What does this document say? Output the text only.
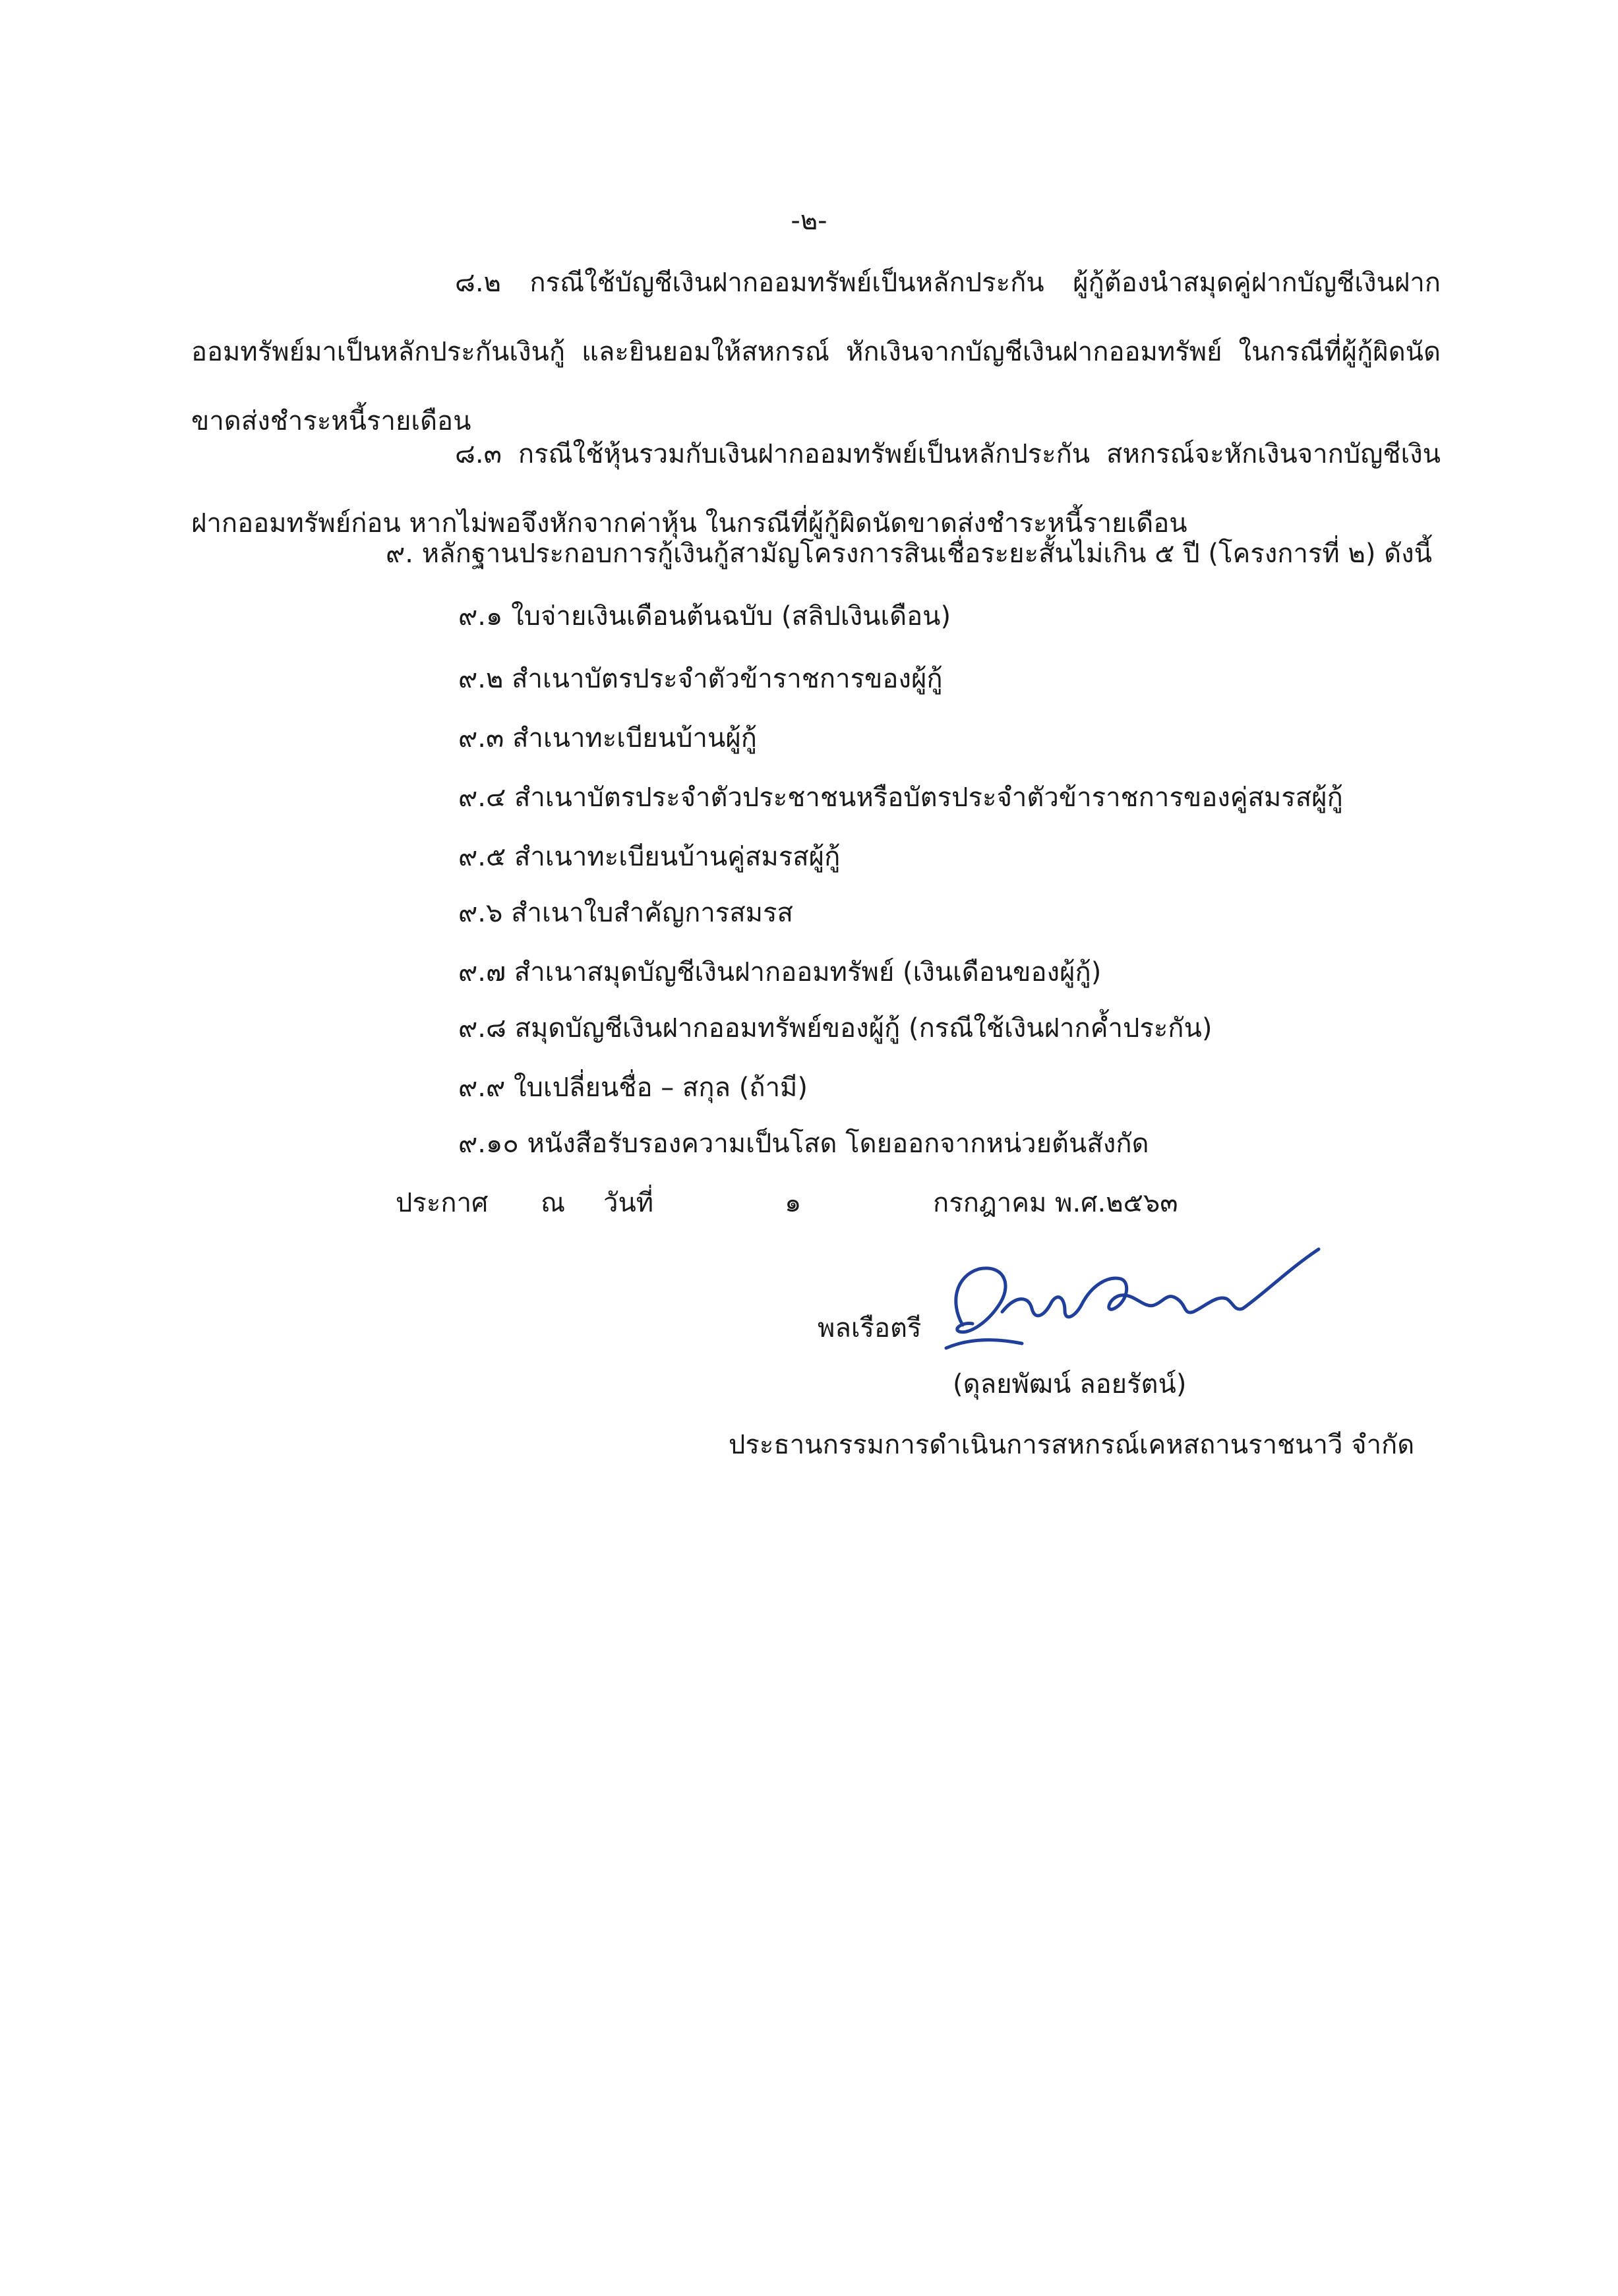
-๒-
๘.๒ กรณีใช้บัญชีเงินฝากออมทรัพย์เป็นหลักประกัน ผู้กู้ต้องนำสมุดคู่ฝากบัญชีเงินฝากออมทรัพย์มาเป็นหลักประกันเงินกู้ และยินยอมให้สหกรณ์ หักเงินจากบัญชีเงินฝากออมทรัพย์ ในกรณีที่ผู้กู้ผิดนัดขาดส่งชำระหนี้รายเดือน
๘.๓ กรณีใช้หุ้นรวมกับเงินฝากออมทรัพย์เป็นหลักประกัน สหกรณ์จะหักเงินจากบัญชีเงินฝากออมทรัพย์ก่อน หากไม่พอจึงหักจากค่าหุ้น ในกรณีที่ผู้กู้ผิดนัดขาดส่งชำระหนี้รายเดือน
๙. หลักฐานประกอบการกู้เงินกู้สามัญโครงการสินเชื่อระยะสั้นไม่เกิน ๕ ปี (โครงการที่ ๒) ดังนี้
๙.๑ ใบจ่ายเงินเดือนต้นฉบับ (สลิปเงินเดือน)
๙.๒ สำเนาบัตรประจำตัวข้าราชการของผู้กู้
๙.๓ สำเนาทะเบียนบ้านผู้กู้
๙.๔ สำเนาบัตรประจำตัวประชาชนหรือบัตรประจำตัวข้าราชการของคู่สมรสผู้กู้
๙.๕ สำเนาทะเบียนบ้านคู่สมรสผู้กู้
๙.๖ สำเนาใบสำคัญการสมรส
๙.๗ สำเนาสมุดบัญชีเงินฝากออมทรัพย์ (เงินเดือนของผู้กู้)
๙.๘ สมุดบัญชีเงินฝากออมทรัพย์ของผู้กู้ (กรณีใช้เงินฝากค้ำประกัน)
๙.๙ ใบเปลี่ยนชื่อ – สกุล (ถ้ามี)
๙.๑๐ หนังสือรับรองความเป็นโสด โดยออกจากหน่วยต้นสังกัด
ประกาศ ณ วันที่	๑	กรกฎาคม พ.ศ.๒๕๖๓
พลเรือตรี
(ดุลยพัฒน์ ลอยรัตน์)
ประธานกรรมการดำเนินการสหกรณ์เคหสถานราชนาวี จำกัด
